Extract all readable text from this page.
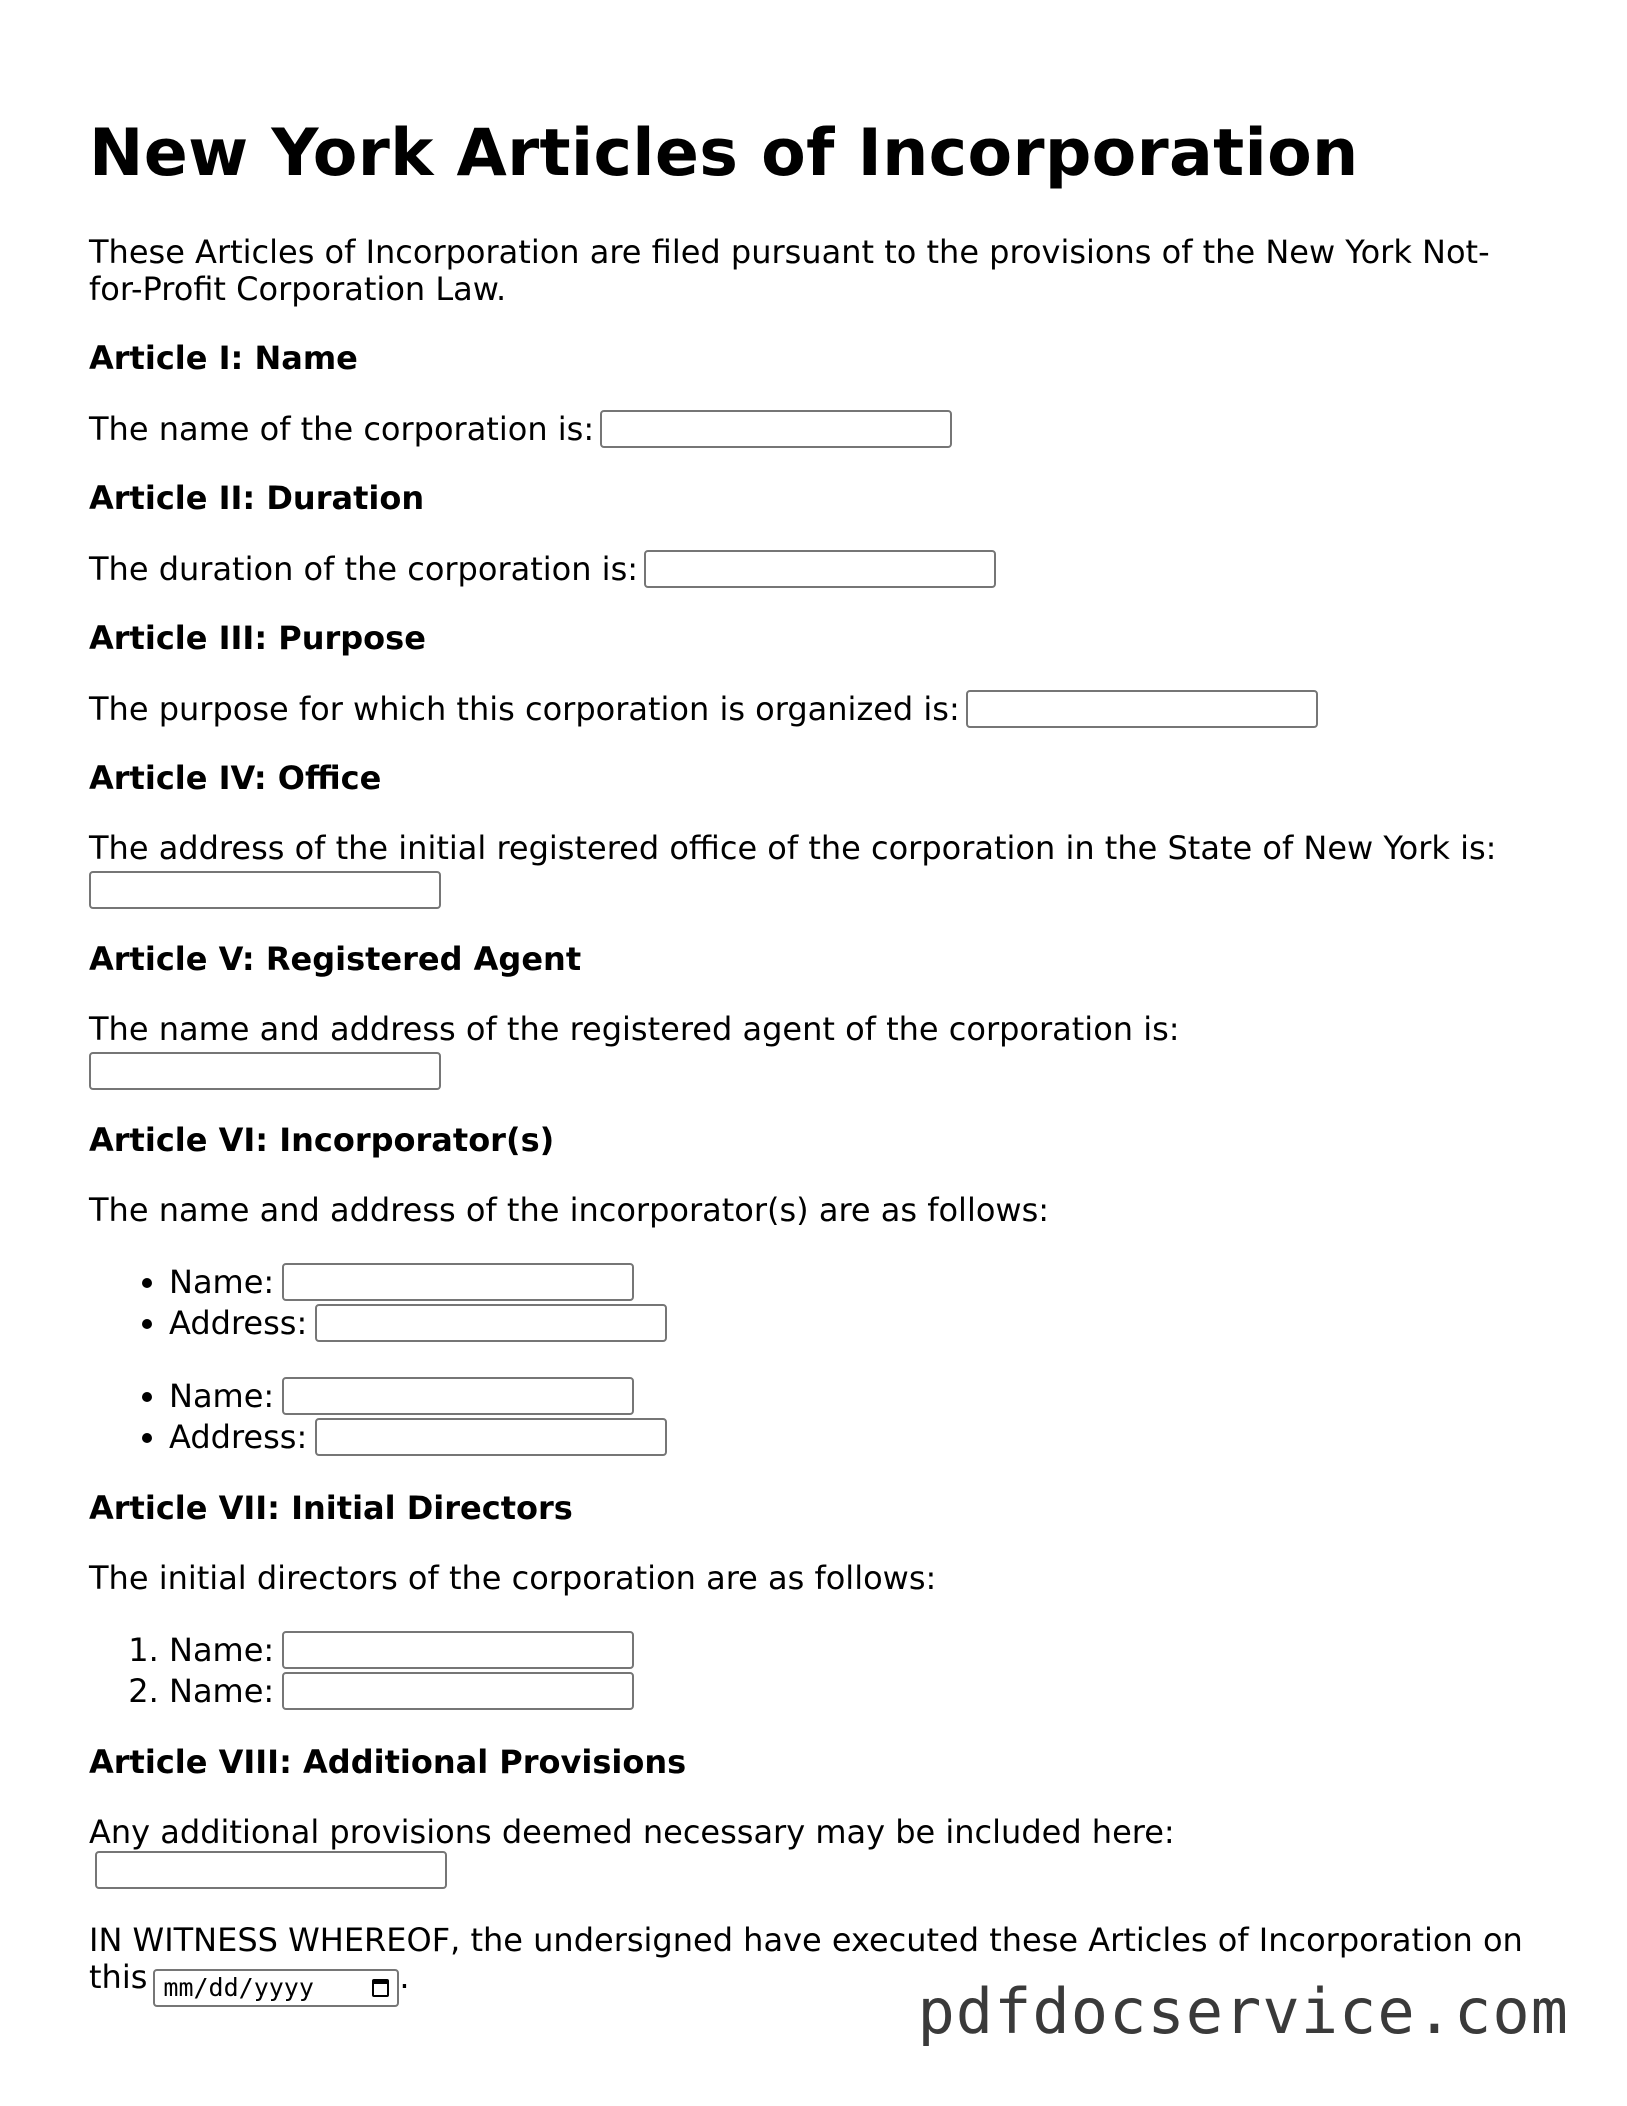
New York Articles of Incorporation

These Articles of Incorporation are filed pursuant to the provisions of the New York Not-for-Profit Corporation Law.

Article I: Name

The name of the corporation is:

Article II: Duration

The duration of the corporation is:

Article III: Purpose

The purpose for which this corporation is organized is:

Article IV: Office

The address of the initial registered office of the corporation in the State of New York is:

Article V: Registered Agent

The name and address of the registered agent of the corporation is:

Article VI: Incorporator(s)

The name and address of the incorporator(s) are as follows:

• Name:
• Address:
• Name:
• Address:
Article VII: Initial Directors

The initial directors of the corporation are as follows:

1. Name:
2. Name:
Article VIII: Additional Provisions

Any additional provisions deemed necessary may be included here:

IN WITNESS WHEREOF, the undersigned have executed these Articles of Incorporation on this mm/dd/yyyy	.	pdfdocservice.com
